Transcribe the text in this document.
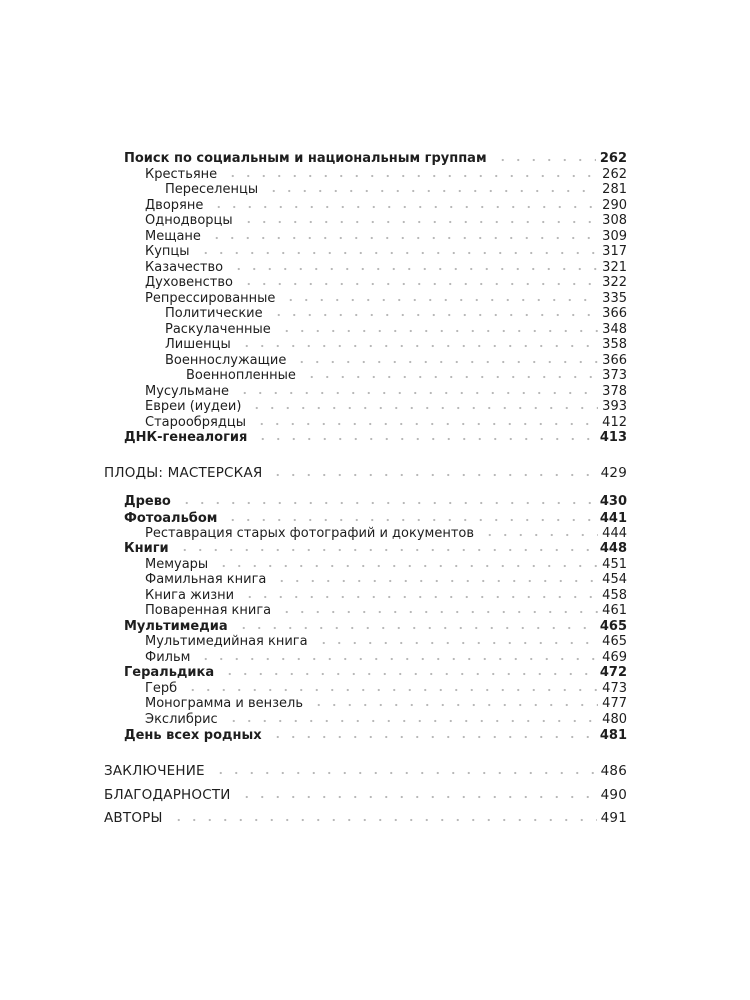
Поиск по социальным и национальным группам	262
Крестьяне	262
Переселенцы	281
Дворяне	290
Однодворцы	308
Мещане	309
Купцы	317
Казачество	321
Духовенство	322
Репрессированные	335
Политические	366
Раскулаченные	348
Лишенцы	358
Военнослужащие	366
Военнопленные	373
Мусульмане	378
Евреи (иудеи)	393
Старообрядцы	412
ДНК-генеалогия	413
ПЛОДЫ: МАСТЕРСКАЯ	429
Древо	430
Фотоальбом	441
Реставрация старых фотографий и документов	444
Книги	448
Мемуары	451
Фамильная книга	454
Книга жизни	458
Поваренная книга	461
Мультимедиа	465
Мультимедийная книга	465
Фильм	469
Геральдика	472
Герб	473
Монограмма и вензель	477
Экслибрис	480
День всех родных	481
ЗАКЛЮЧЕНИЕ	486
БЛАГОДАРНОСТИ	490
АВТОРЫ	491
